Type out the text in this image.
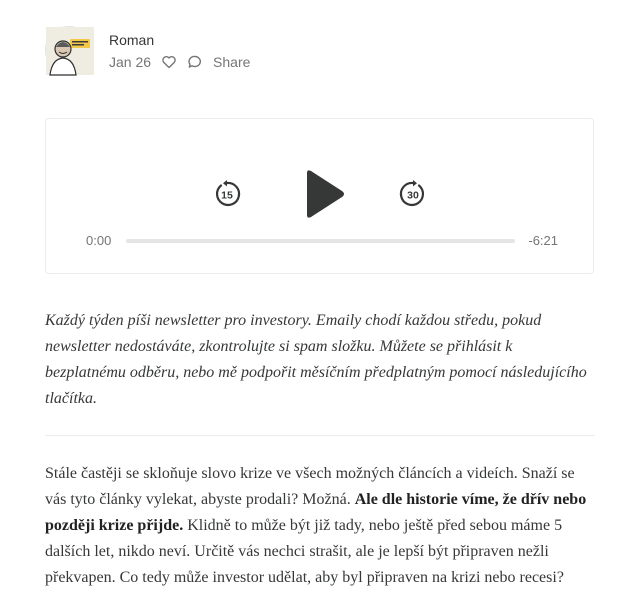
Roman
Jan 26	Share
15	30
0:00	-6:21

Každý týden píši newsletter pro investory. Emaily chodí každou středu, pokud newsletter nedostáváte, zkontrolujte si spam složku. Můžete se přihlásit k bezplatnému odběru, nebo mě podpořit měsíčním předplatným pomocí následujícího tlačítka.

Stále častěji se skloňuje slovo krize ve všech možných článcích a videích. Snaží se vás tyto články vylekat, abyste prodali? Možná. Ale dle historie víme, že dřív nebo později krize přijde. Klidně to může být již tady, nebo ještě před sebou máme 5 dalších let, nikdo neví. Určitě vás nechci strašit, ale je lepší být připraven nežli překvapen. Co tedy může investor udělat, aby byl připraven na krizi nebo recesi?
